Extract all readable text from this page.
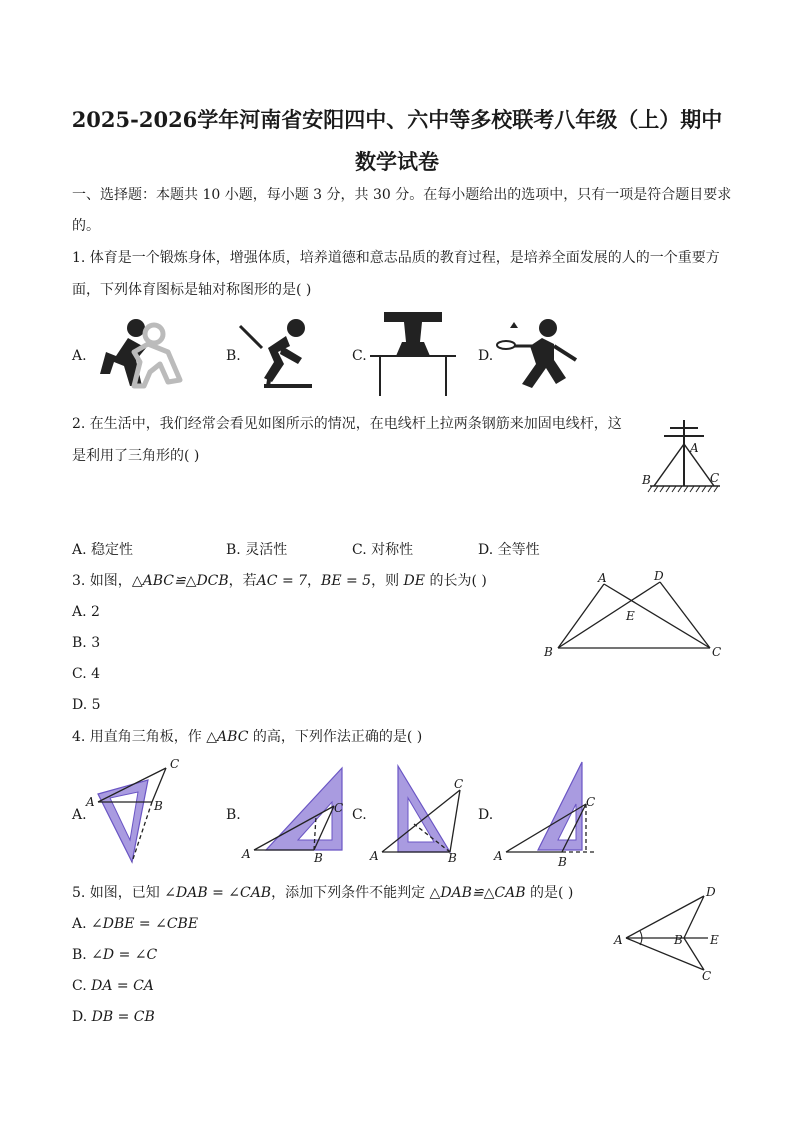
2025-2026学年河南省安阳四中、六中等多校联考八年级（上）期中
数学试卷
一、选择题：本题共 10 小题，每小题 3 分，共 30 分。在每小题给出的选项中，只有一项是符合题目要求
的。
1. 体育是一个锻炼身体，增强体质，培养道德和意志品质的教育过程，是培养全面发展的人的一个重要方
面，下列体育图标是轴对称图形的是( )
A.	B.	C.	D.
2. 在生活中，我们经常会看见如图所示的情况，在电线杆上拉两条钢筋来加固电线杆，这
是利用了三角形的( )	A
B	C
A. 稳定性	B. 灵活性	C. 对称性	D. 全等性
3. 如图，△ABC≌△DCB，若AC = 7，BE = 5，则 DE 的长为( )	A	D
E
B	C
A. 2
B. 3
C. 4
D. 5
4. 用直角三角板，作 △ABC 的高，下列作法正确的是( )
A.
A	B
C
B.
A	B
C C.
A	B
C
D.
A	B
C
5. 如图，已知 ∠DAB = ∠CAB，添加下列条件不能判定 △DAB≌△CAB 的是( )	D
A	B E
C
A. ∠DBE = ∠CBE
B. ∠D = ∠C
C. DA = CA
D. DB = CB
